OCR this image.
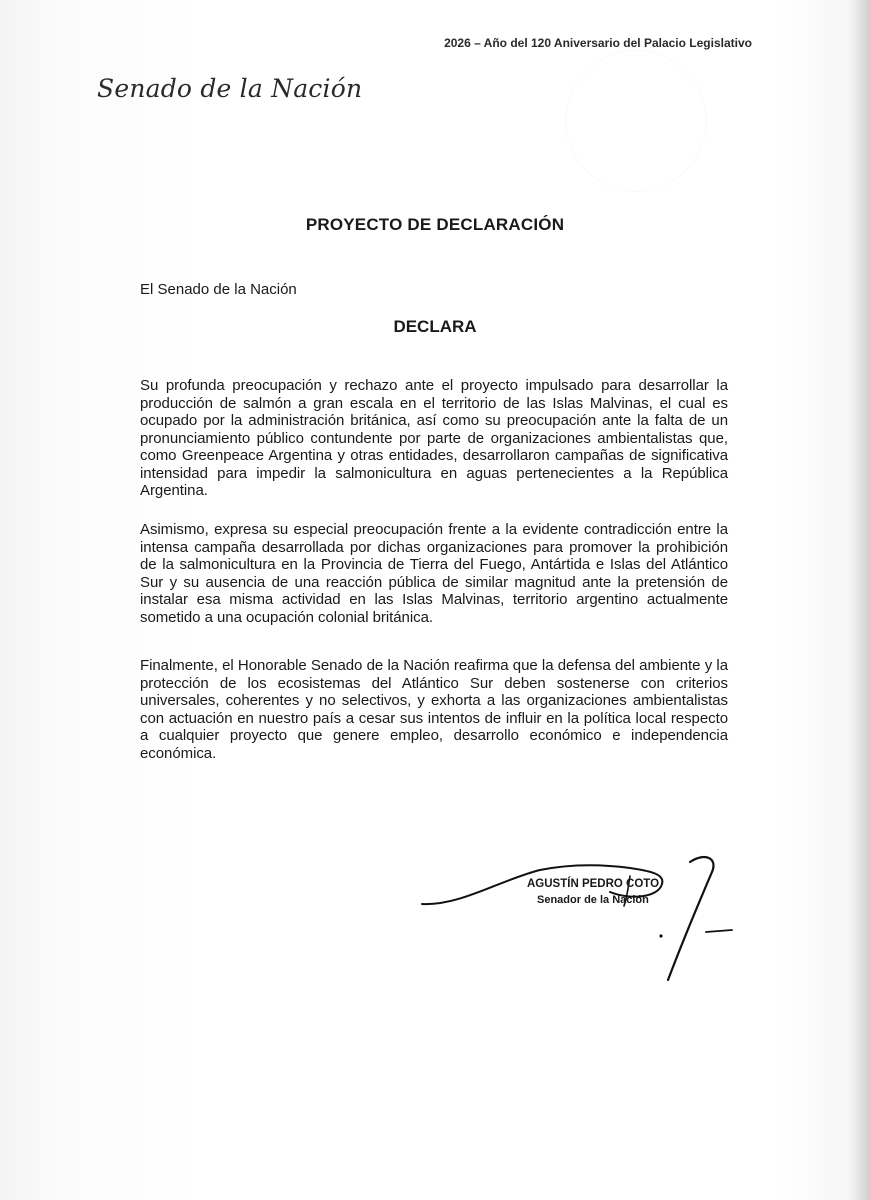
2026 – Año del 120 Aniversario del Palacio Legislativo
Senado de la Nación
PROYECTO DE DECLARACIÓN
El Senado de la Nación
DECLARA

Su profunda preocupación y rechazo ante el proyecto impulsado para desarrollar la producción de salmón a gran escala en el territorio de las Islas Malvinas, el cual es ocupado por la administración británica, así como su preocupación ante la falta de un pronunciamiento público contundente por parte de organizaciones ambientalistas que, como Greenpeace Argentina y otras entidades, desarrollaron campañas de significativa intensidad para impedir la salmonicultura en aguas pertenecientes a la República Argentina.

Asimismo, expresa su especial preocupación frente a la evidente contradicción entre la intensa campaña desarrollada por dichas organizaciones para promover la prohibición de la salmonicultura en la Provincia de Tierra del Fuego, Antártida e Islas del Atlántico Sur y su ausencia de una reacción pública de similar magnitud ante la pretensión de instalar esa misma actividad en las Islas Malvinas, territorio argentino actualmente sometido a una ocupación colonial británica.

Finalmente, el Honorable Senado de la Nación reafirma que la defensa del ambiente y la protección de los ecosistemas del Atlántico Sur deben sostenerse con criterios universales, coherentes y no selectivos, y exhorta a las organizaciones ambientalistas con actuación en nuestro país a cesar sus intentos de influir en la política local respecto a cualquier proyecto que genere empleo, desarrollo económico e independencia económica.

AGUSTÍN PEDRO COTO
Senador de la Nación
